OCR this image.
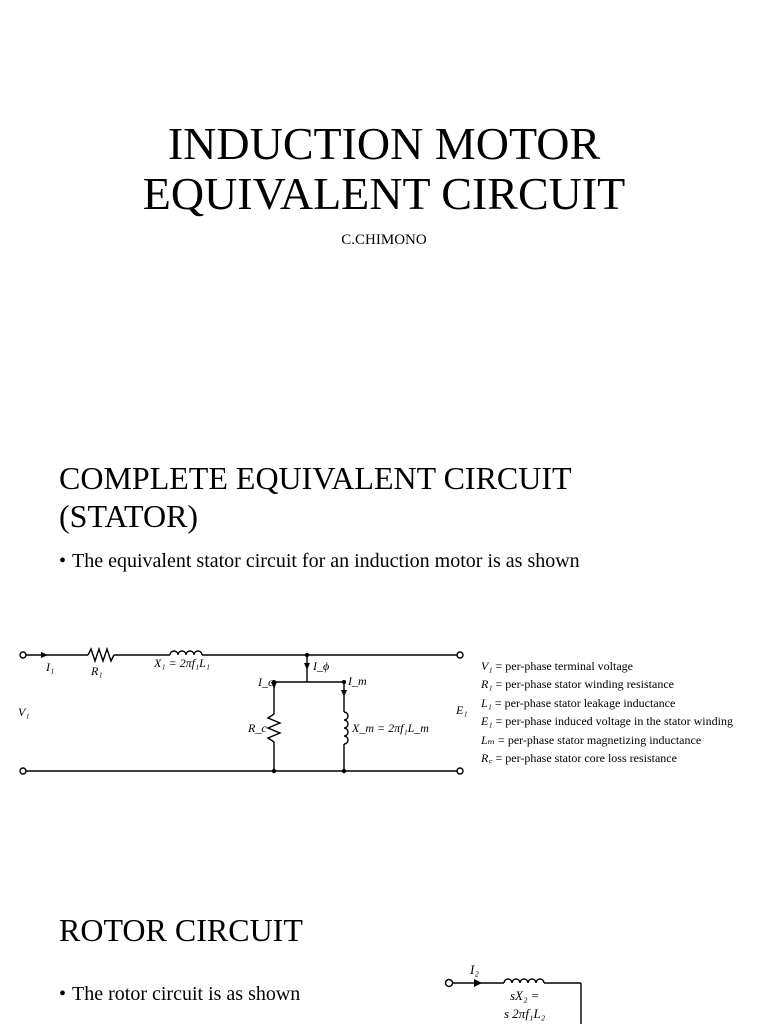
INDUCTION MOTOR
EQUIVALENT CIRCUIT
C.CHIMONO
COMPLETE EQUIVALENT CIRCUIT
(STATOR)
• The equivalent stator circuit for an induction motor is as shown
I₁	R₁
X₁ = 2πf₁L₁	I_ϕ
I_c	I_m
V₁	E₁
R_c	X_m = 2πf₁L_m
V₁ = per-phase terminal voltage
R₁ = per-phase stator winding resistance
L₁ = per-phase stator leakage inductance
E₁ = per-phase induced voltage in the stator winding
Lₘ = per-phase stator magnetizing inductance
R꜀ = per-phase stator core loss resistance
ROTOR CIRCUIT
• The rotor circuit is as shown
I₂
sX₂ =
s 2πf₁L₂
